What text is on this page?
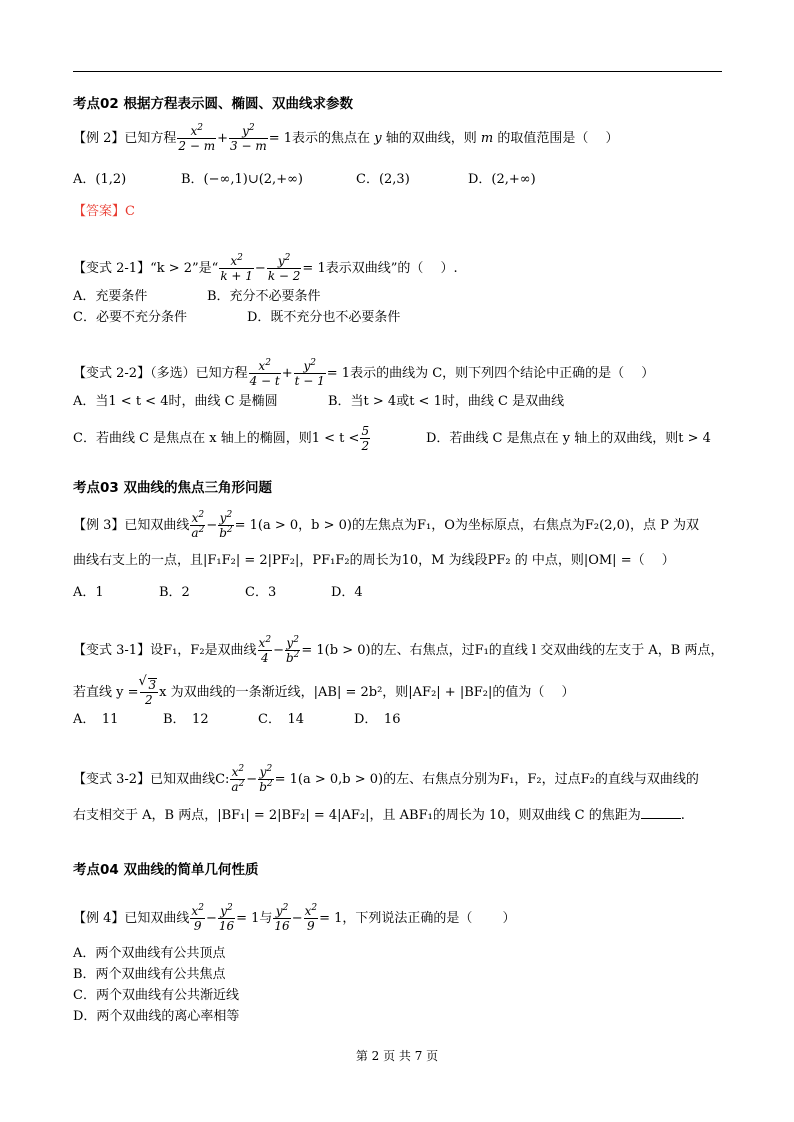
考点02 根据方程表示圆、椭圆、双曲线求参数
【例 2】已知方程 $\frac{x^2}{2 - m} + \frac{y^2}{3 - m} = 1$表示的焦点在 y 轴的双曲线，则 m 的取值范围是（　 ）
A．(1,2)	B．(−∞,1)∪(2,+∞)	C．(2,3)	D．(2,+∞)
【答案】C
【变式 2-1】“k > 2”是“ $\frac{x^2}{k + 1} - \frac{y^2}{k - 2} = 1$表示双曲线”的（　 ）.
A．充要条件	B．充分不必要条件
C．必要不充分条件	D．既不充分也不必要条件
【变式 2-2】（多选）已知方程 $\frac{x^2}{4 - t} + \frac{y^2}{t - 1} = 1$表示的曲线为 C，则下列四个结论中正确的是（　 ）
A．当1 < t < 4时，曲线 C 是椭圆	B．当t > 4或t < 1时，曲线 C 是双曲线
C．若曲线 C 是焦点在 x 轴上的椭圆，则$1 < t < \frac{5}{2}$	D．若曲线 C 是焦点在 y 轴上的双曲线，则t > 4
考点03 双曲线的焦点三角形问题
【例 3】已知双曲线 $\frac{x^2}{a^2} - \frac{y^2}{b^2} = 1(a > 0$，b > 0)的左焦点为F₁，O为坐标原点，右焦点为F₂(2,0)，点 P 为双
曲线右支上的一点，且|F₁F₂| = 2|PF₂|，PF₁F₂的周长为10，M 为线段PF₂ 的 中点，则|OM| =（　 ）
A．1	B．2	C．3	D．4
【变式 3-1】设F₁，F₂是双曲线 $\frac{x^2}{4} - \frac{y^2}{b^2} = 1(b > 0)$的左、右焦点，过F₁的直线 l 交双曲线的左支于 A，B 两点，
若直线 y =
√ $\frac{3}{2}$ x 为双曲线的一条渐近线，|AB| = 2b²，则|AF₂| + |BF₂|的值为（　 ）
A．　11	B．　12	C．　14	D．　16
【变式 3-2】已知双曲线C: $\frac{x^2}{a^2} - \frac{y^2}{b^2} = 1(a > 0,b > 0)$的左、右焦点分别为F₁，F₂，过点F₂的直线与双曲线的
右支相交于 A，B 两点，|BF₁| = 2|BF₂| = 4|AF₂|，且 ABF₁的周长为 10，则双曲线 C 的焦距为	.
考点04 双曲线的简单几何性质
【例 4】已知双曲线 $\frac{x^2}{9} - \frac{y^2}{16} = 1$与 $\frac{y^2}{16} - \frac{x^2}{9} = 1$，下列说法正确的是（　　 ）
A．两个双曲线有公共顶点
B．两个双曲线有公共焦点
C．两个双曲线有公共渐近线
D．两个双曲线的离心率相等
第 2 页 共 7 页
